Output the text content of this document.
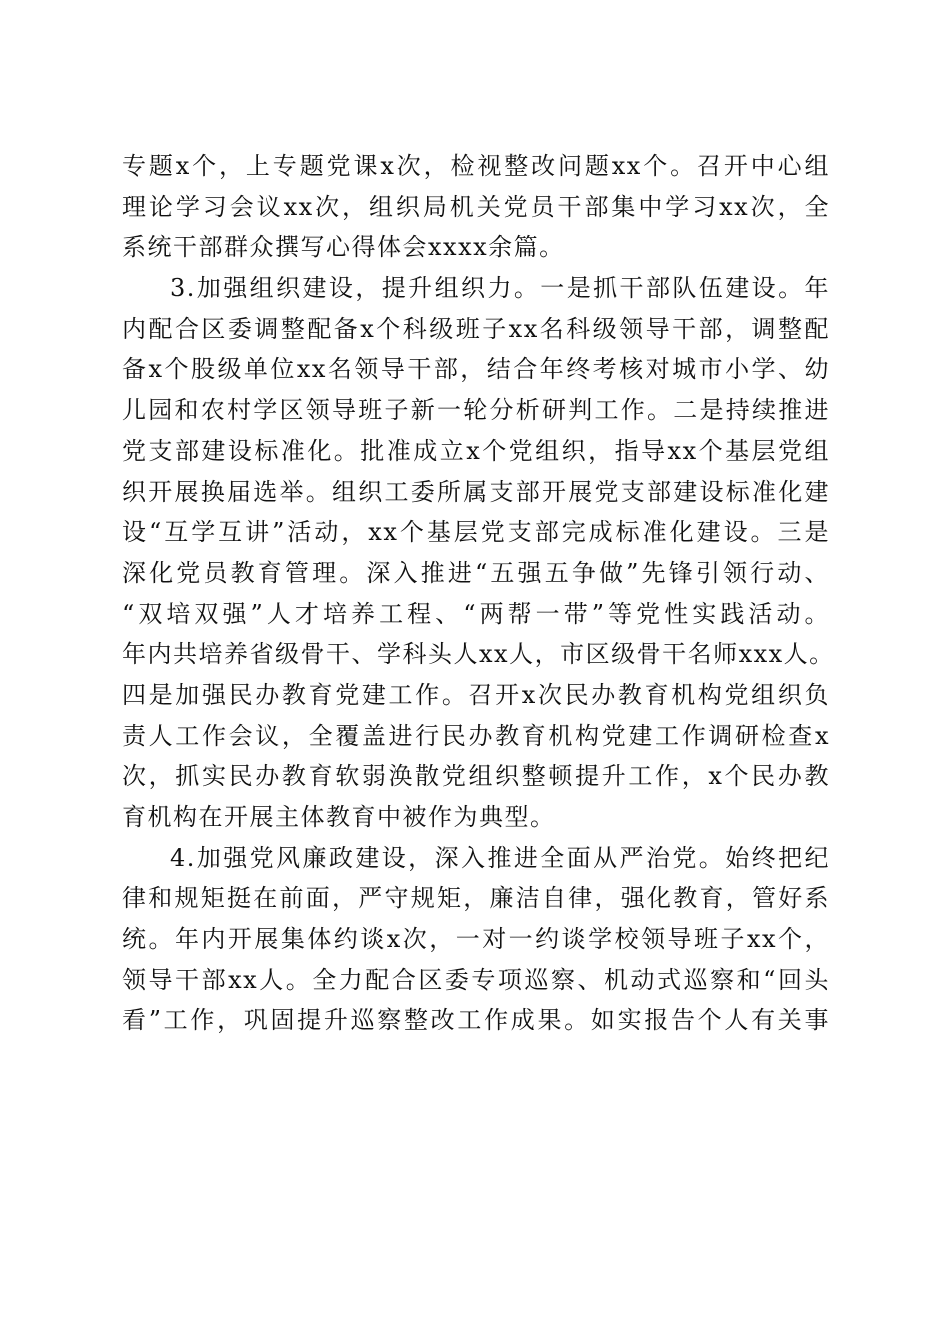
专题x个，上专题党课x次，检视整改问题xx个。召开中心组
理论学习会议xx次，组织局机关党员干部集中学习xx次，全
系统干部群众撰写心得体会xxxx余篇。
3.加强组织建设，提升组织力。一是抓干部队伍建设。年
内配合区委调整配备x个科级班子xx名科级领导干部，调整配
备x个股级单位xx名领导干部，结合年终考核对城市小学、幼
儿园和农村学区领导班子新一轮分析研判工作。二是持续推进
党支部建设标准化。批准成立x个党组织，指导xx个基层党组
织开展换届选举。组织工委所属支部开展党支部建设标准化建
设“互学互讲”活动，xx个基层党支部完成标准化建设。三是
深化党员教育管理。深入推进“五强五争做”先锋引领行动、
“双培双强”人才培养工程、“两帮一带”等党性实践活动。
年内共培养省级骨干、学科头人xx人，市区级骨干名师xxx人。
四是加强民办教育党建工作。召开x次民办教育机构党组织负
责人工作会议，全覆盖进行民办教育机构党建工作调研检查x
次，抓实民办教育软弱涣散党组织整顿提升工作，x个民办教
育机构在开展主体教育中被作为典型。
4.加强党风廉政建设，深入推进全面从严治党。始终把纪
律和规矩挺在前面，严守规矩，廉洁自律，强化教育，管好系
统。年内开展集体约谈x次，一对一约谈学校领导班子xx个，
领导干部xx人。全力配合区委专项巡察、机动式巡察和“回头
看”工作，巩固提升巡察整改工作成果。如实报告个人有关事
